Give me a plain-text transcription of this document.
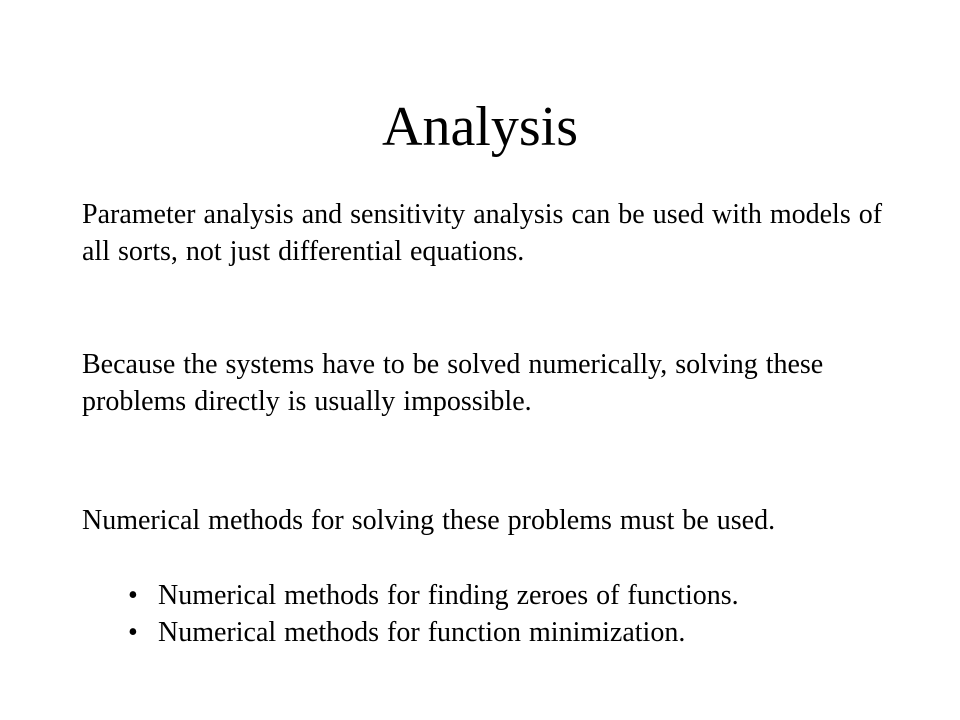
Analysis

Parameter analysis and sensitivity analysis can be used with models of all sorts, not just differential equations.

Because the systems have to be solved numerically, solving these problems directly is usually impossible.

Numerical methods for solving these problems must be used.

• Numerical methods for finding zeroes of functions.
• Numerical methods for function minimization.
